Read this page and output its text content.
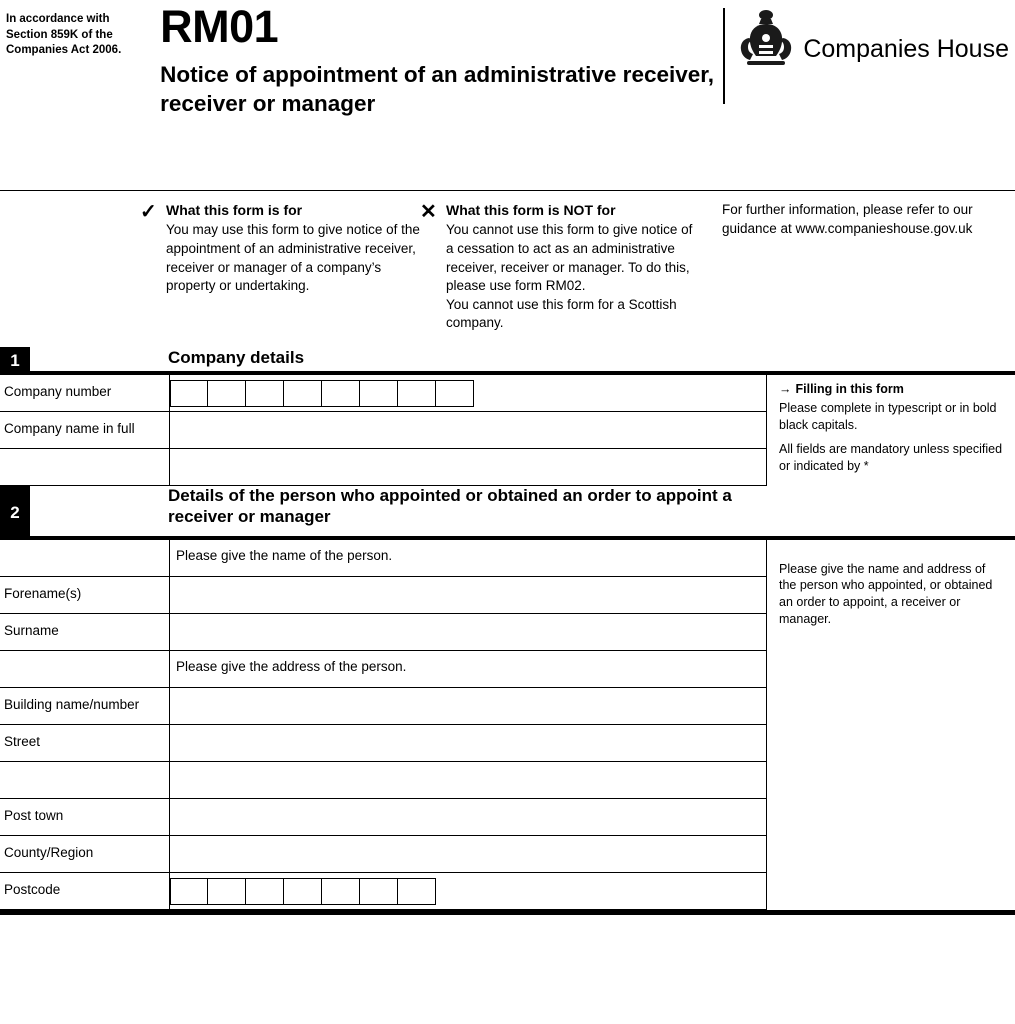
In accordance with Section 859K of the Companies Act 2006. RM01
Notice of appointment of an administrative receiver, receiver or manager
Companies House
✓ What this form is for

You may use this form to give notice of the appointment of an administrative receiver, receiver or manager of a company’s property or undertaking.

✕ What this form is NOT for

You cannot use this form to give notice of a cessation to act as an administrative receiver, receiver or manager. To do this, please use form RM02.

You cannot use this form for a Scottish company.

For further information, please refer to our guidance at www.companieshouse.gov.uk

1	Company details
Company number
Company name in full

→ Filling in this form

Please complete in typescript or in bold black capitals.

All fields are mandatory unless specified or indicated by *

2
Details of the person who appointed or obtained an order to appoint a receiver or manager
Please give the name of the person.
Forename(s)
Surname
Please give the address of the person.
Building name/number
Street
Post town
County/Region
Postcode

Please give the name and address of the person who appointed, or obtained an order to appoint, a receiver or manager.
